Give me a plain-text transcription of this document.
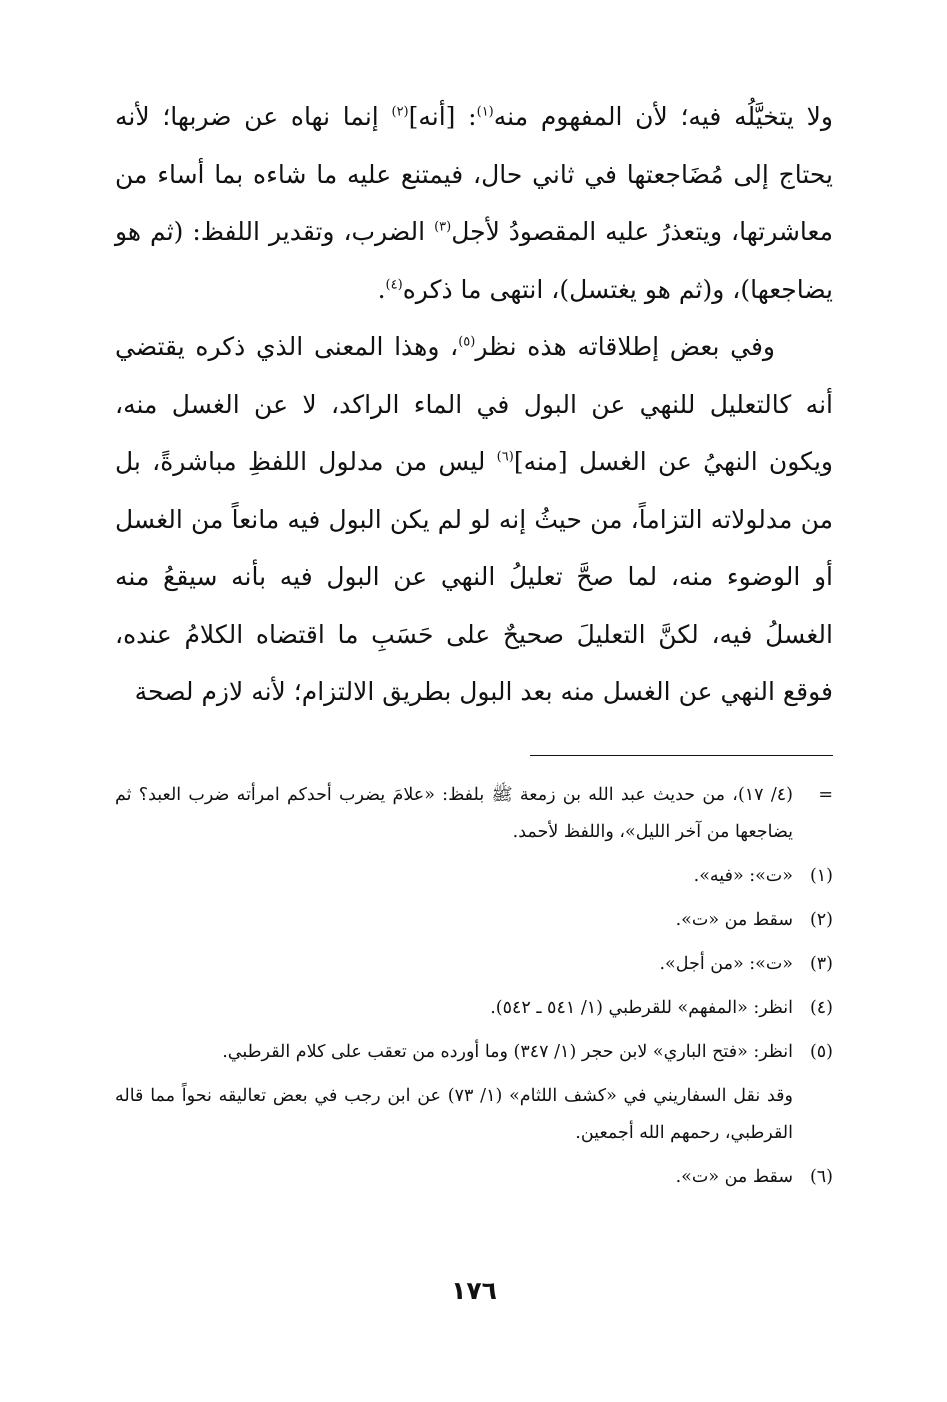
ولا يتخيَّلُه فيه؛ لأن المفهوم منه$^{(١)}$: [أنه]$^{(٢)}$ إنما نهاه عن ضربها؛ لأنه يحتاج إلى مُضَاجعتها في ثاني حال، فيمتنع عليه ما شاءه بما أساء من معاشرتها، ويتعذرُ عليه المقصودُ لأجل$^{(٣)}$ الضرب، وتقدير اللفظ: (ثم هو يضاجعها)، و(ثم هو يغتسل)، انتهى ما ذكره$^{(٤)}$.

وفي بعض إطلاقاته هذه نظر$^{(٥)}$، وهذا المعنى الذي ذكره يقتضي أنه كالتعليل للنهي عن البول في الماء الراكد، لا عن الغسل منه، ويكون النهيُ عن الغسل [منه]$^{(٦)}$ ليس من مدلول اللفظِ مباشرةً، بل من مدلولاته التزاماً، من حيثُ إنه لو لم يكن البول فيه مانعاً من الغسل أو الوضوء منه، لما صحَّ تعليلُ النهي عن البول فيه بأنه سيقعُ منه الغسلُ فيه، لكنَّ التعليلَ صحيحٌ على حَسَبِ ما اقتضاه الكلامُ عنده، فوقع النهي عن الغسل منه بعد البول بطريق الالتزام؛ لأنه لازم لصحة

=
(٤/ ١٧)، من حديث عبد الله بن زمعة ﷺ بلفظ: «علامَ يضرب أحدكم امرأته ضرب العبد؟ ثم يضاجعها من آخر الليل»، واللفظ لأحمد.
(١)
«ت»: «فيه».
(٢)
سقط من «ت».
(٣)
«ت»: «من أجل».
(٤)
انظر: «المفهم» للقرطبي (١/ ٥٤١ ـ ٥٤٢).
(٥)
انظر: «فتح الباري» لابن حجر (١/ ٣٤٧) وما أورده من تعقب على كلام القرطبي.
وقد نقل السفاريني في «كشف اللثام» (١/ ٧٣) عن ابن رجب في بعض تعاليقه نحواً مما قاله القرطبي، رحمهم الله أجمعين.
(٦)
سقط من «ت».
١٧٦
